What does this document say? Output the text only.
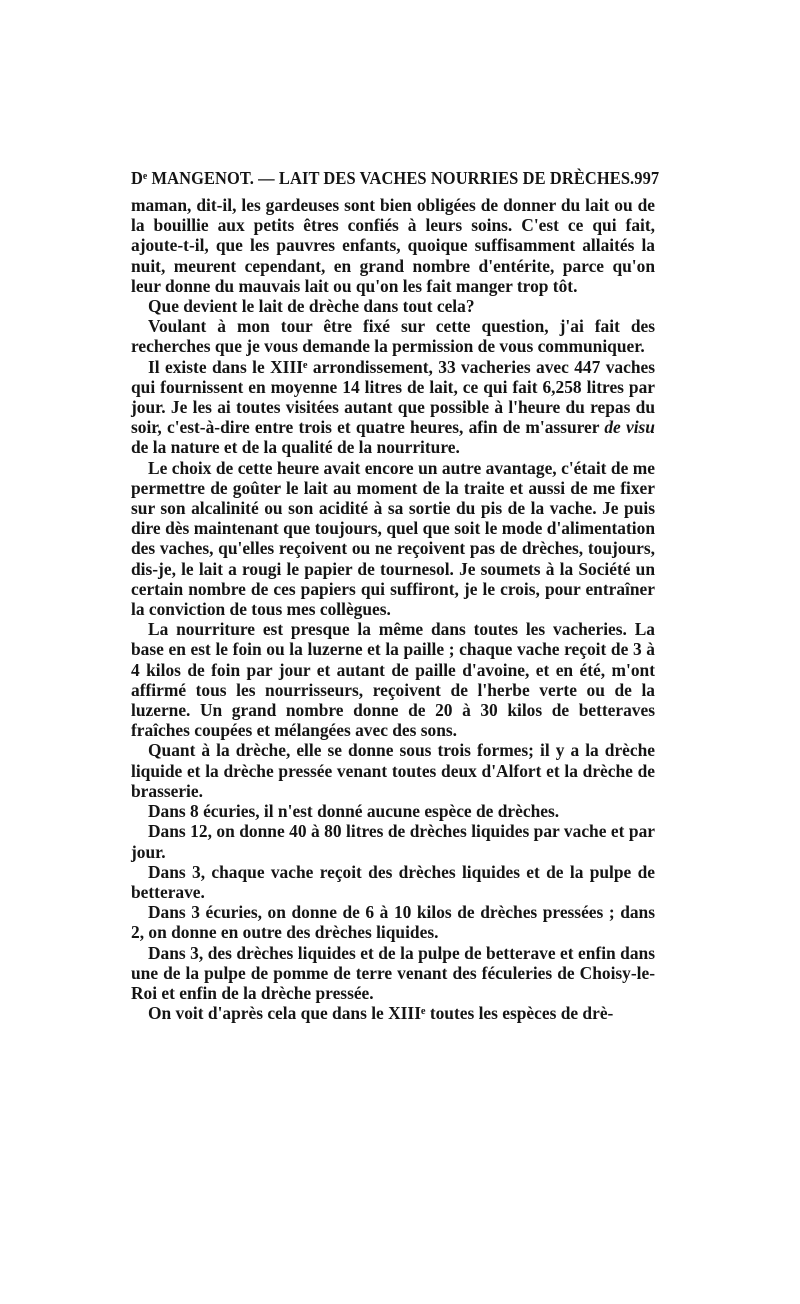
Dᵉ MANGENOT. — LAIT DES VACHES NOURRIES DE DRÈCHES. 997

maman, dit-il, les gardeuses sont bien obligées de donner du lait ou de la bouillie aux petits êtres confiés à leurs soins. C'est ce qui fait, ajoute-t-il, que les pauvres enfants, quoique suffisamment allaités la nuit, meurent cependant, en grand nombre d'entérite, parce qu'on leur donne du mauvais lait ou qu'on les fait manger trop tôt.

Que devient le lait de drèche dans tout cela?

Voulant à mon tour être fixé sur cette question, j'ai fait des recherches que je vous demande la permission de vous communiquer.

Il existe dans le XIIIᵉ arrondissement, 33 vacheries avec 447 vaches qui fournissent en moyenne 14 litres de lait, ce qui fait 6,258 litres par jour. Je les ai toutes visitées autant que possible à l'heure du repas du soir, c'est-à-dire entre trois et quatre heures, afin de m'assurer de visu de la nature et de la qualité de la nourriture.

Le choix de cette heure avait encore un autre avantage, c'était de me permettre de goûter le lait au moment de la traite et aussi de me fixer sur son alcalinité ou son acidité à sa sortie du pis de la vache. Je puis dire dès maintenant que toujours, quel que soit le mode d'alimentation des vaches, qu'elles reçoivent ou ne reçoivent pas de drèches, toujours, dis-je, le lait a rougi le papier de tournesol. Je soumets à la Société un certain nombre de ces papiers qui suffiront, je le crois, pour entraîner la conviction de tous mes collègues.

La nourriture est presque la même dans toutes les vacheries. La base en est le foin ou la luzerne et la paille ; chaque vache reçoit de 3 à 4 kilos de foin par jour et autant de paille d'avoine, et en été, m'ont affirmé tous les nourrisseurs, reçoivent de l'herbe verte ou de la luzerne. Un grand nombre donne de 20 à 30 kilos de betteraves fraîches coupées et mélangées avec des sons.

Quant à la drèche, elle se donne sous trois formes; il y a la drèche liquide et la drèche pressée venant toutes deux d'Alfort et la drèche de brasserie.

Dans 8 écuries, il n'est donné aucune espèce de drèches.

Dans 12, on donne 40 à 80 litres de drèches liquides par vache et par jour.

Dans 3, chaque vache reçoit des drèches liquides et de la pulpe de betterave.

Dans 3 écuries, on donne de 6 à 10 kilos de drèches pressées ; dans 2, on donne en outre des drèches liquides.

Dans 3, des drèches liquides et de la pulpe de betterave et enfin dans une de la pulpe de pomme de terre venant des féculeries de Choisy-le-Roi et enfin de la drèche pressée.

On voit d'après cela que dans le XIIIᵉ toutes les espèces de drè-
